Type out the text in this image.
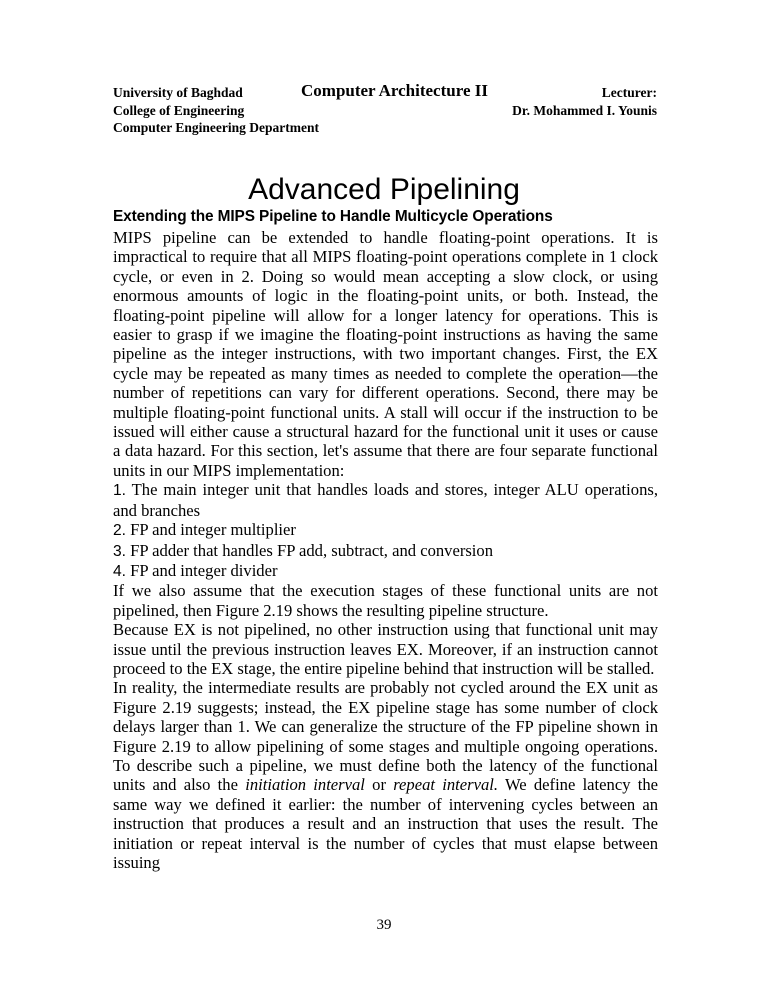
University of Baghdad	Computer Architecture II	Lecturer:
College of Engineering	Dr. Mohammed I. Younis
Computer Engineering Department
Advanced Pipelining
Extending the MIPS Pipeline to Handle Multicycle Operations

MIPS pipeline can be extended to handle floating-point operations. It is impractical to require that all MIPS floating-point operations complete in 1 clock cycle, or even in 2. Doing so would mean accepting a slow clock, or using enormous amounts of logic in the floating-point units, or both. Instead, the floating-point pipeline will allow for a longer latency for operations. This is easier to grasp if we imagine the floating-point instructions as having the same pipeline as the integer instructions, with two important changes. First, the EX cycle may be repeated as many times as needed to complete the operation—the number of repetitions can vary for different operations. Second, there may be multiple floating-point functional units. A stall will occur if the instruction to be issued will either cause a structural hazard for the functional unit it uses or cause a data hazard. For this section, let's assume that there are four separate functional units in our MIPS implementation:

1. The main integer unit that handles loads and stores, integer ALU operations, and branches

2. FP and integer multiplier

3. FP adder that handles FP add, subtract, and conversion

4. FP and integer divider

If we also assume that the execution stages of these functional units are not pipelined, then Figure 2.19 shows the resulting pipeline structure.

Because EX is not pipelined, no other instruction using that functional unit may issue until the previous instruction leaves EX. Moreover, if an instruction cannot proceed to the EX stage, the entire pipeline behind that instruction will be stalled.

In reality, the intermediate results are probably not cycled around the EX unit as Figure 2.19 suggests; instead, the EX pipeline stage has some number of clock delays larger than 1. We can generalize the structure of the FP pipeline shown in Figure 2.19 to allow pipelining of some stages and multiple ongoing operations. To describe such a pipeline, we must define both the latency of the functional units and also the initiation interval or repeat interval. We define latency the same way we defined it earlier: the number of intervening cycles between an instruction that produces a result and an instruction that uses the result. The initiation or repeat interval is the number of cycles that must elapse between issuing

39
